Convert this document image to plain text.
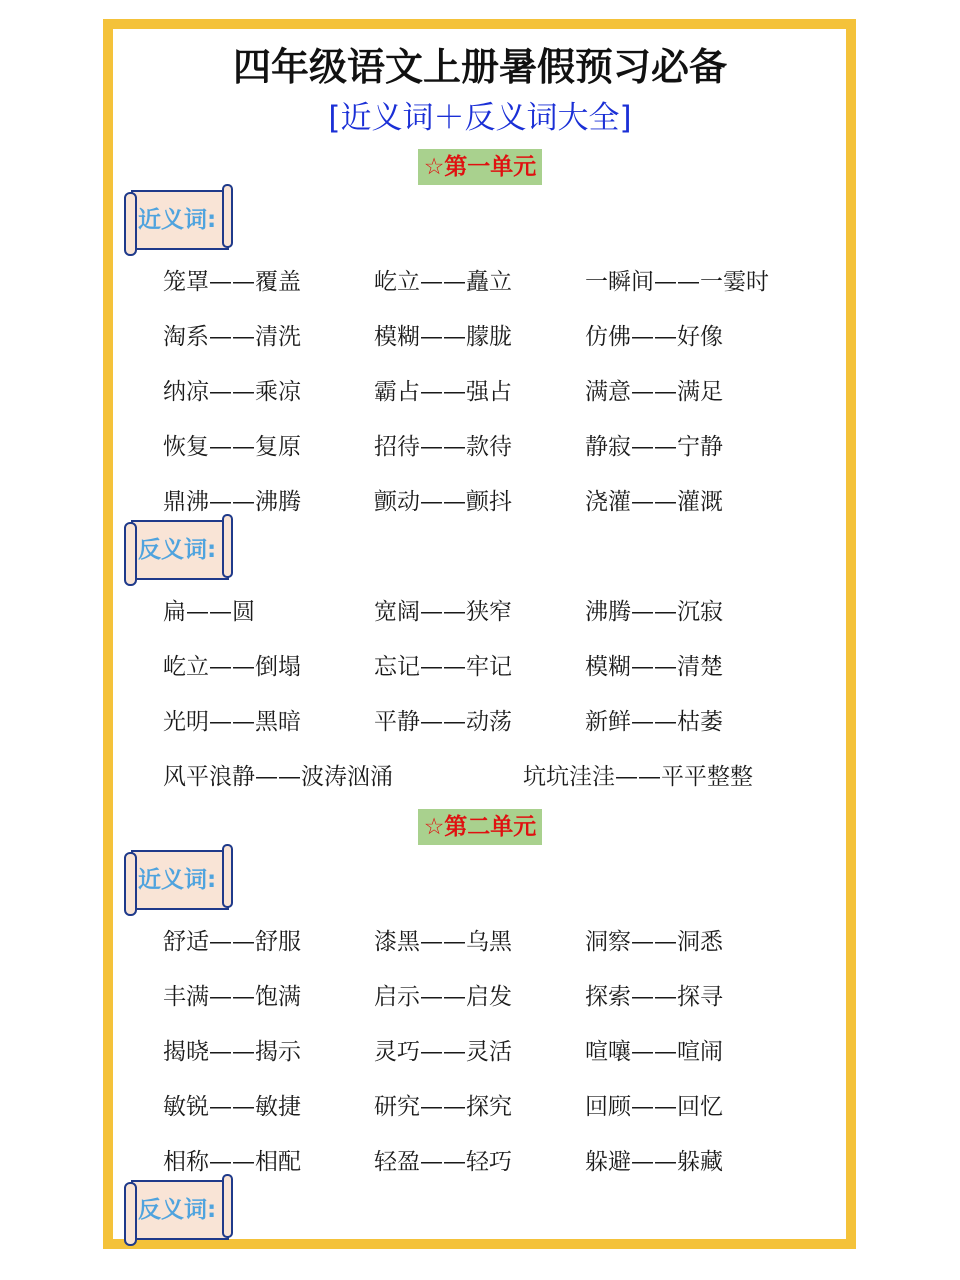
四年级语文上册暑假预习必备
[近义词＋反义词大全]
☆第一单元
近义词:
笼罩——覆盖	屹立——矗立	一瞬间——一霎时
淘系——清洗	模糊——朦胧	仿佛——好像
纳凉——乘凉	霸占——强占	满意——满足
恢复——复原	招待——款待	静寂——宁静
鼎沸——沸腾	颤动——颤抖	浇灌——灌溉
反义词:
扁——圆	宽阔——狭窄	沸腾——沉寂
屹立——倒塌	忘记——牢记	模糊——清楚
光明——黑暗	平静——动荡	新鲜——枯萎
风平浪静——波涛汹涌	坑坑洼洼——平平整整
☆第二单元
近义词:
舒适——舒服	漆黑——乌黑	洞察——洞悉
丰满——饱满	启示——启发	探索——探寻
揭晓——揭示	灵巧——灵活	喧嚷——喧闹
敏锐——敏捷	研究——探究	回顾——回忆
相称——相配	轻盈——轻巧	躲避——躲藏
反义词:
